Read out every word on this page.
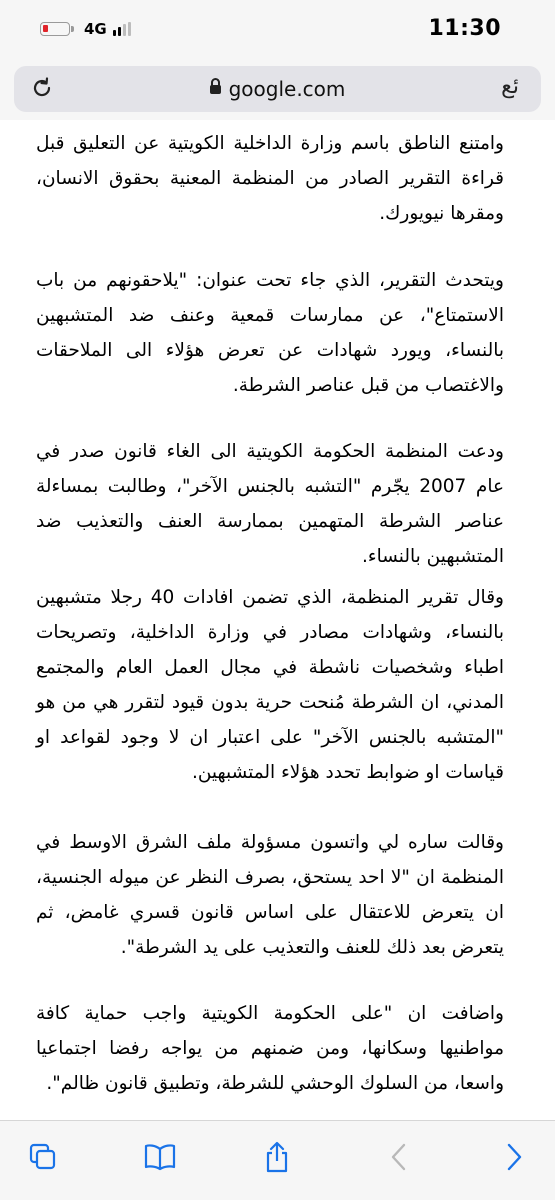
4G	11:30
google.com	ئع

وامتنع الناطق باسم وزارة الداخلية الكويتية عن التعليق قبل قراءة التقرير الصادر من المنظمة المعنية بحقوق الانسان، ومقرها نيويورك.

ويتحدث التقرير، الذي جاء تحت عنوان: "يلاحقونهم من باب الاستمتاع"، عن ممارسات قمعية وعنف ضد المتشبهين بالنساء، ويورد شهادات عن تعرض هؤلاء الى الملاحقات والاغتصاب من قبل عناصر الشرطة.

ودعت المنظمة الحكومة الكويتية الى الغاء قانون صدر في عام 2007 يجّرم "التشبه بالجنس الآخر"، وطالبت بمساءلة عناصر الشرطة المتهمين بممارسة العنف والتعذيب ضد المتشبهين بالنساء.

وقال تقرير المنظمة، الذي تضمن افادات 40 رجلا متشبهين بالنساء، وشهادات مصادر في وزارة الداخلية، وتصريحات اطباء وشخصيات ناشطة في مجال العمل العام والمجتمع المدني، ان الشرطة مُنحت حرية بدون قيود لتقرر هي من هو "المتشبه بالجنس الآخر" على اعتبار ان لا وجود لقواعد او قياسات او ضوابط تحدد هؤلاء المتشبهين.

وقالت ساره لي واتسون مسؤولة ملف الشرق الاوسط في المنظمة ان "لا احد يستحق، بصرف النظر عن ميوله الجنسية، ان يتعرض للاعتقال على اساس قانون قسري غامض، ثم يتعرض بعد ذلك للعنف والتعذيب على يد الشرطة".

واضافت ان "على الحكومة الكويتية واجب حماية كافة مواطنيها وسكانها، ومن ضمنهم من يواجه رفضا اجتماعيا واسعا، من السلوك الوحشي للشرطة، وتطبيق قانون ظالم".
